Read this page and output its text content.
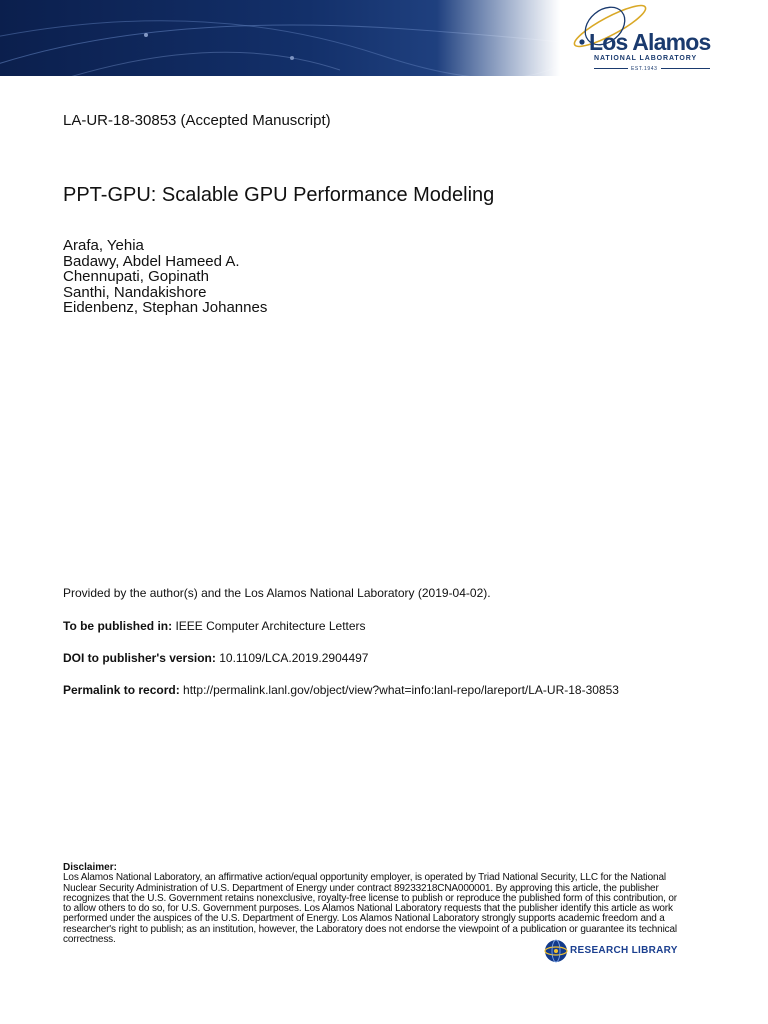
Los Alamos
NATIONAL LABORATORY
EST.1943
LA-UR-18-30853 (Accepted Manuscript)
PPT-GPU: Scalable GPU Performance Modeling
Arafa, Yehia
Badawy, Abdel Hameed A.
Chennupati, Gopinath
Santhi, Nandakishore
Eidenbenz, Stephan Johannes
Provided by the author(s) and the Los Alamos National Laboratory (2019-04-02).
To be published in: IEEE Computer Architecture Letters
DOI to publisher's version: 10.1109/LCA.2019.2904497
Permalink to record: http://permalink.lanl.gov/object/view?what=info:lanl-repo/lareport/LA-UR-18-30853
Disclaimer:
Los Alamos National Laboratory, an affirmative action/equal opportunity employer, is operated by Triad National Security, LLC for the National
Nuclear Security Administration of U.S. Department of Energy under contract 89233218CNA000001. By approving this article, the publisher
recognizes that the U.S. Government retains nonexclusive, royalty-free license to publish or reproduce the published form of this contribution, or
to allow others to do so, for U.S. Government purposes. Los Alamos National Laboratory requests that the publisher identify this article as work
performed under the auspices of the U.S. Department of Energy. Los Alamos National Laboratory strongly supports academic freedom and a
researcher's right to publish; as an institution, however, the Laboratory does not endorse the viewpoint of a publication or guarantee its technical
correctness.
RESEARCH LIBRARY
